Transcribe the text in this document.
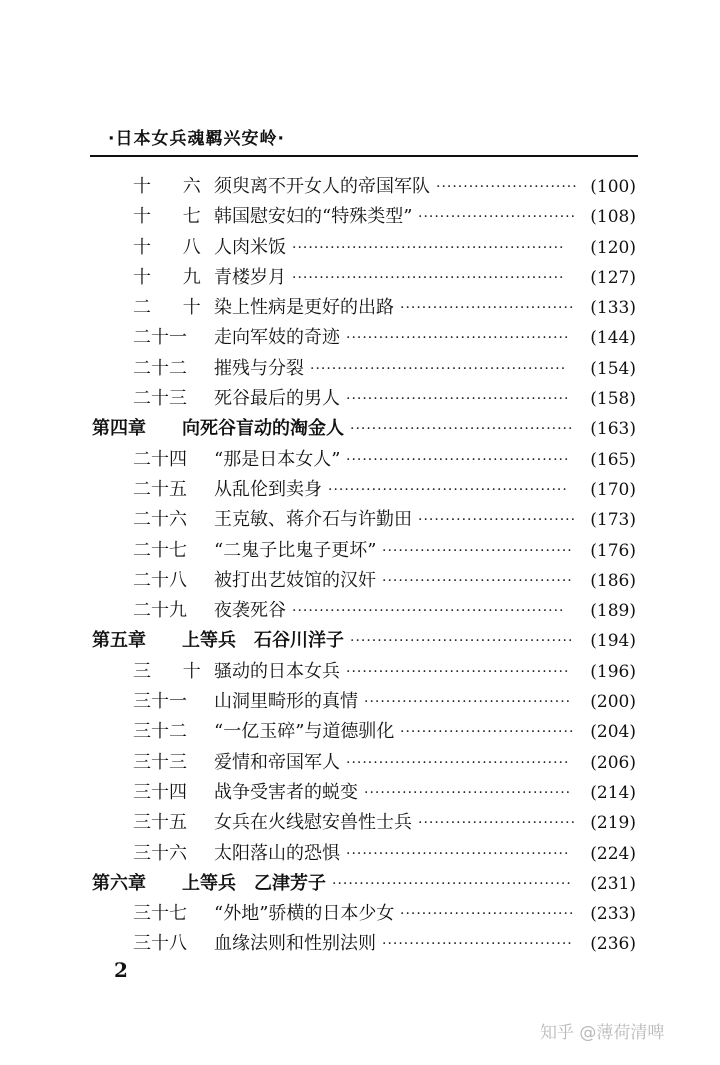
·日本女兵魂羁兴安岭·
十 六 须臾离不开女人的帝国军队 ·························· (100)
十 七 韩国慰安妇的“特殊类型” ····························· (108)
十 八 人肉米饭 ··················································	(120)
十 九 青楼岁月 ··················································	(127)
二 十 染上性病是更好的出路 ································ (133)
二十一	走向军妓的奇迹 ·········································	(144)
二十二	摧残与分裂 ···············································	(154)
二十三	死谷最后的男人 ·········································	(158)
第四章	向死谷盲动的淘金人 ········································· (163)
二十四	“那是日本女人” ·········································	(165)
二十五	从乱伦到卖身 ············································	(170)
二十六	王克敏、蒋介石与许勤田 ····························· (173)
二十七	“二鬼子比鬼子更坏” ···································	(176)
二十八	被打出艺妓馆的汉奸 ···································	(186)
二十九	夜袭死谷 ··················································	(189)
第五章	上等兵　石谷川洋子 ········································· (194)
三 十 骚动的日本女兵 ·········································	(196)
三十一	山洞里畸形的真情 ······································	(200)
三十二	“一亿玉碎”与道德驯化 ································ (204)
三十三	爱情和帝国军人 ·········································	(206)
三十四	战争受害者的蜕变 ······································	(214)
三十五	女兵在火线慰安兽性士兵 ····························· (219)
三十六	太阳落山的恐惧 ·········································	(224)
第六章	上等兵　乙津芳子 ············································	(231)
三十七	“外地”骄横的日本少女 ································ (233)
三十八	血缘法则和性别法则 ···································	(236)
2
知乎 @薄荷清啤
